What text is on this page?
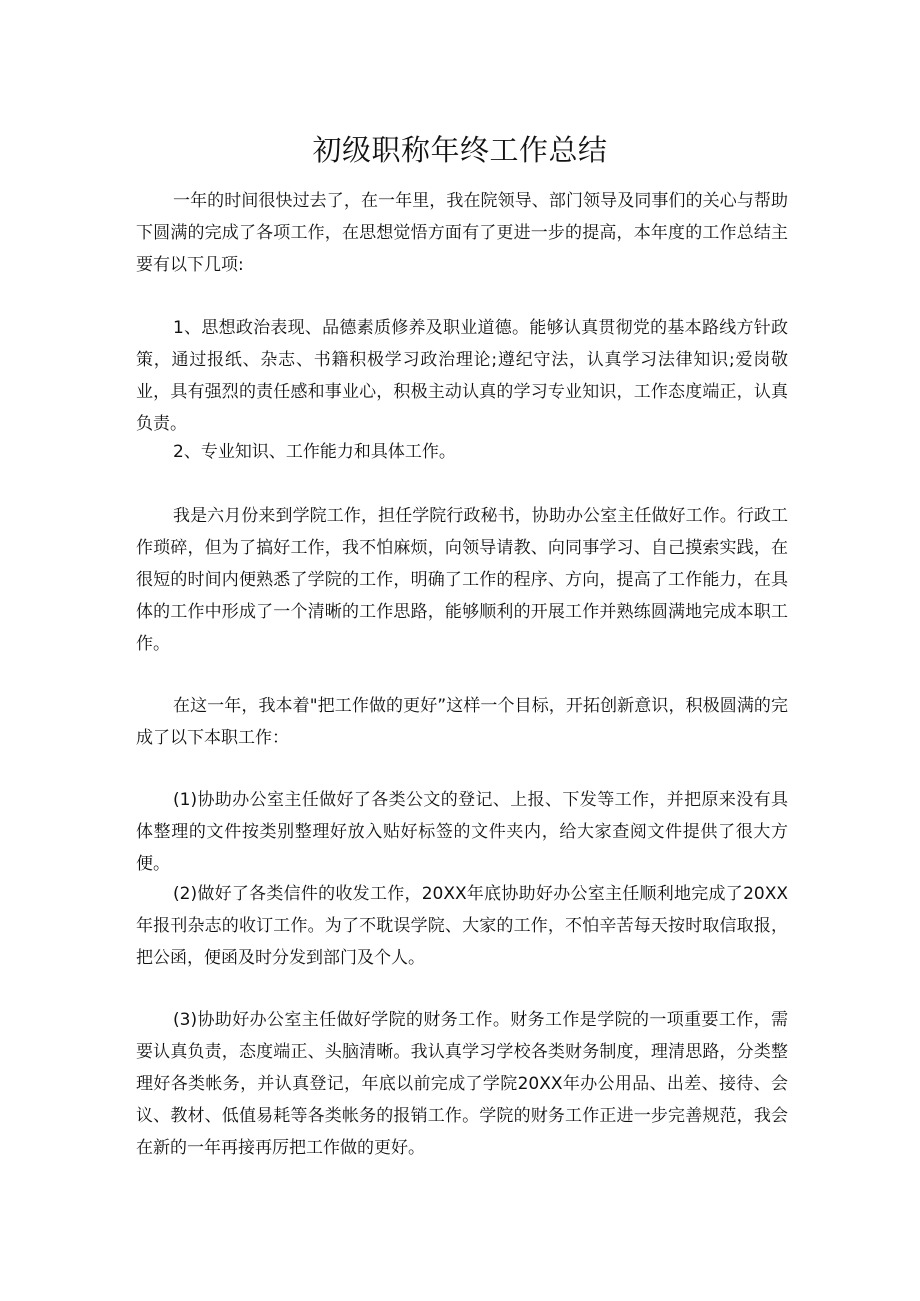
初级职称年终工作总结

一年的时间很快过去了，在一年里，我在院领导、部门领导及同事们的关心与帮助下圆满的完成了各项工作，在思想觉悟方面有了更进一步的提高，本年度的工作总结主要有以下几项:

1、思想政治表现、品德素质修养及职业道德。能够认真贯彻党的基本路线方针政策，通过报纸、杂志、书籍积极学习政治理论;遵纪守法，认真学习法律知识;爱岗敬业，具有强烈的责任感和事业心，积极主动认真的学习专业知识，工作态度端正，认真负责。

2、专业知识、工作能力和具体工作。

我是六月份来到学院工作，担任学院行政秘书，协助办公室主任做好工作。行政工作琐碎，但为了搞好工作，我不怕麻烦，向领导请教、向同事学习、自己摸索实践，在很短的时间内便熟悉了学院的工作，明确了工作的程序、方向，提高了工作能力，在具体的工作中形成了一个清晰的工作思路，能够顺利的开展工作并熟练圆满地完成本职工作。

在这一年，我本着"把工作做的更好”这样一个目标，开拓创新意识，积极圆满的完成了以下本职工作：

(1)协助办公室主任做好了各类公文的登记、上报、下发等工作，并把原来没有具体整理的文件按类别整理好放入贴好标签的文件夹内，给大家查阅文件提供了很大方便。

(2)做好了各类信件的收发工作，20XX年底协助好办公室主任顺利地完成了20XX年报刊杂志的收订工作。为了不耽误学院、大家的工作，不怕辛苦每天按时取信取报，把公函，便函及时分发到部门及个人。

(3)协助好办公室主任做好学院的财务工作。财务工作是学院的一项重要工作，需要认真负责，态度端正、头脑清晰。我认真学习学校各类财务制度，理清思路，分类整理好各类帐务，并认真登记，年底以前完成了学院20XX年办公用品、出差、接待、会议、教材、低值易耗等各类帐务的报销工作。学院的财务工作正进一步完善规范，我会在新的一年再接再厉把工作做的更好。
